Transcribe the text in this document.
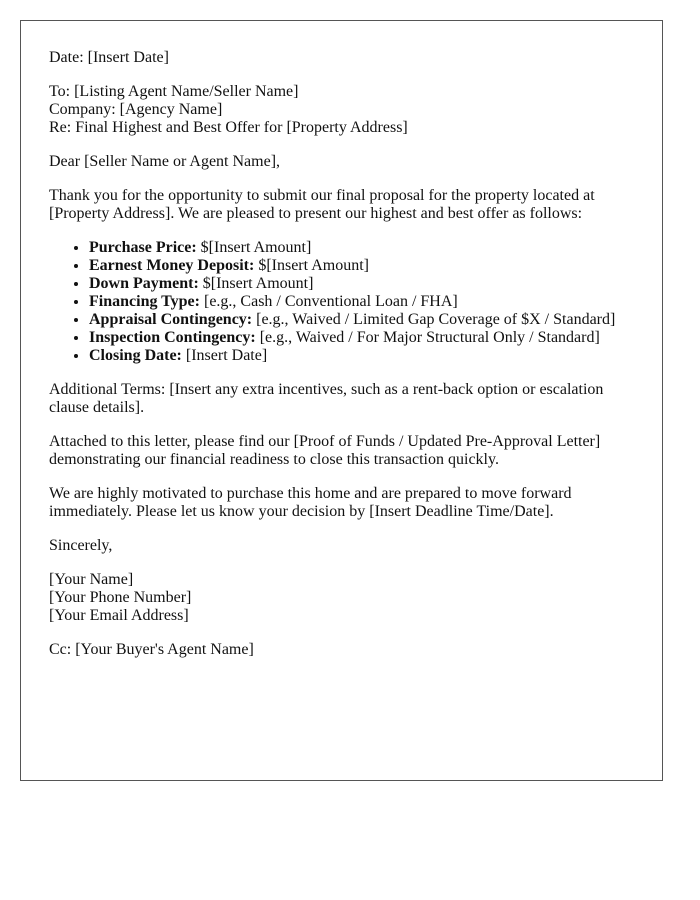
Date: [Insert Date]

To: [Listing Agent Name/Seller Name]
Company: [Agency Name]
Re: Final Highest and Best Offer for [Property Address]

Dear [Seller Name or Agent Name],

Thank you for the opportunity to submit our final proposal for the property located at [Property Address]. We are pleased to present our highest and best offer as follows:

• Purchase Price: $[Insert Amount]
• Earnest Money Deposit: $[Insert Amount]
• Down Payment: $[Insert Amount]
• Financing Type: [e.g., Cash / Conventional Loan / FHA]
• Appraisal Contingency: [e.g., Waived / Limited Gap Coverage of $X / Standard]
• Inspection Contingency: [e.g., Waived / For Major Structural Only / Standard]
• Closing Date: [Insert Date]

Additional Terms: [Insert any extra incentives, such as a rent-back option or escalation clause details].

Attached to this letter, please find our [Proof of Funds / Updated Pre-Approval Letter] demonstrating our financial readiness to close this transaction quickly.

We are highly motivated to purchase this home and are prepared to move forward immediately. Please let us know your decision by [Insert Deadline Time/Date].

Sincerely,

[Your Name]
[Your Phone Number]
[Your Email Address]

Cc: [Your Buyer's Agent Name]
